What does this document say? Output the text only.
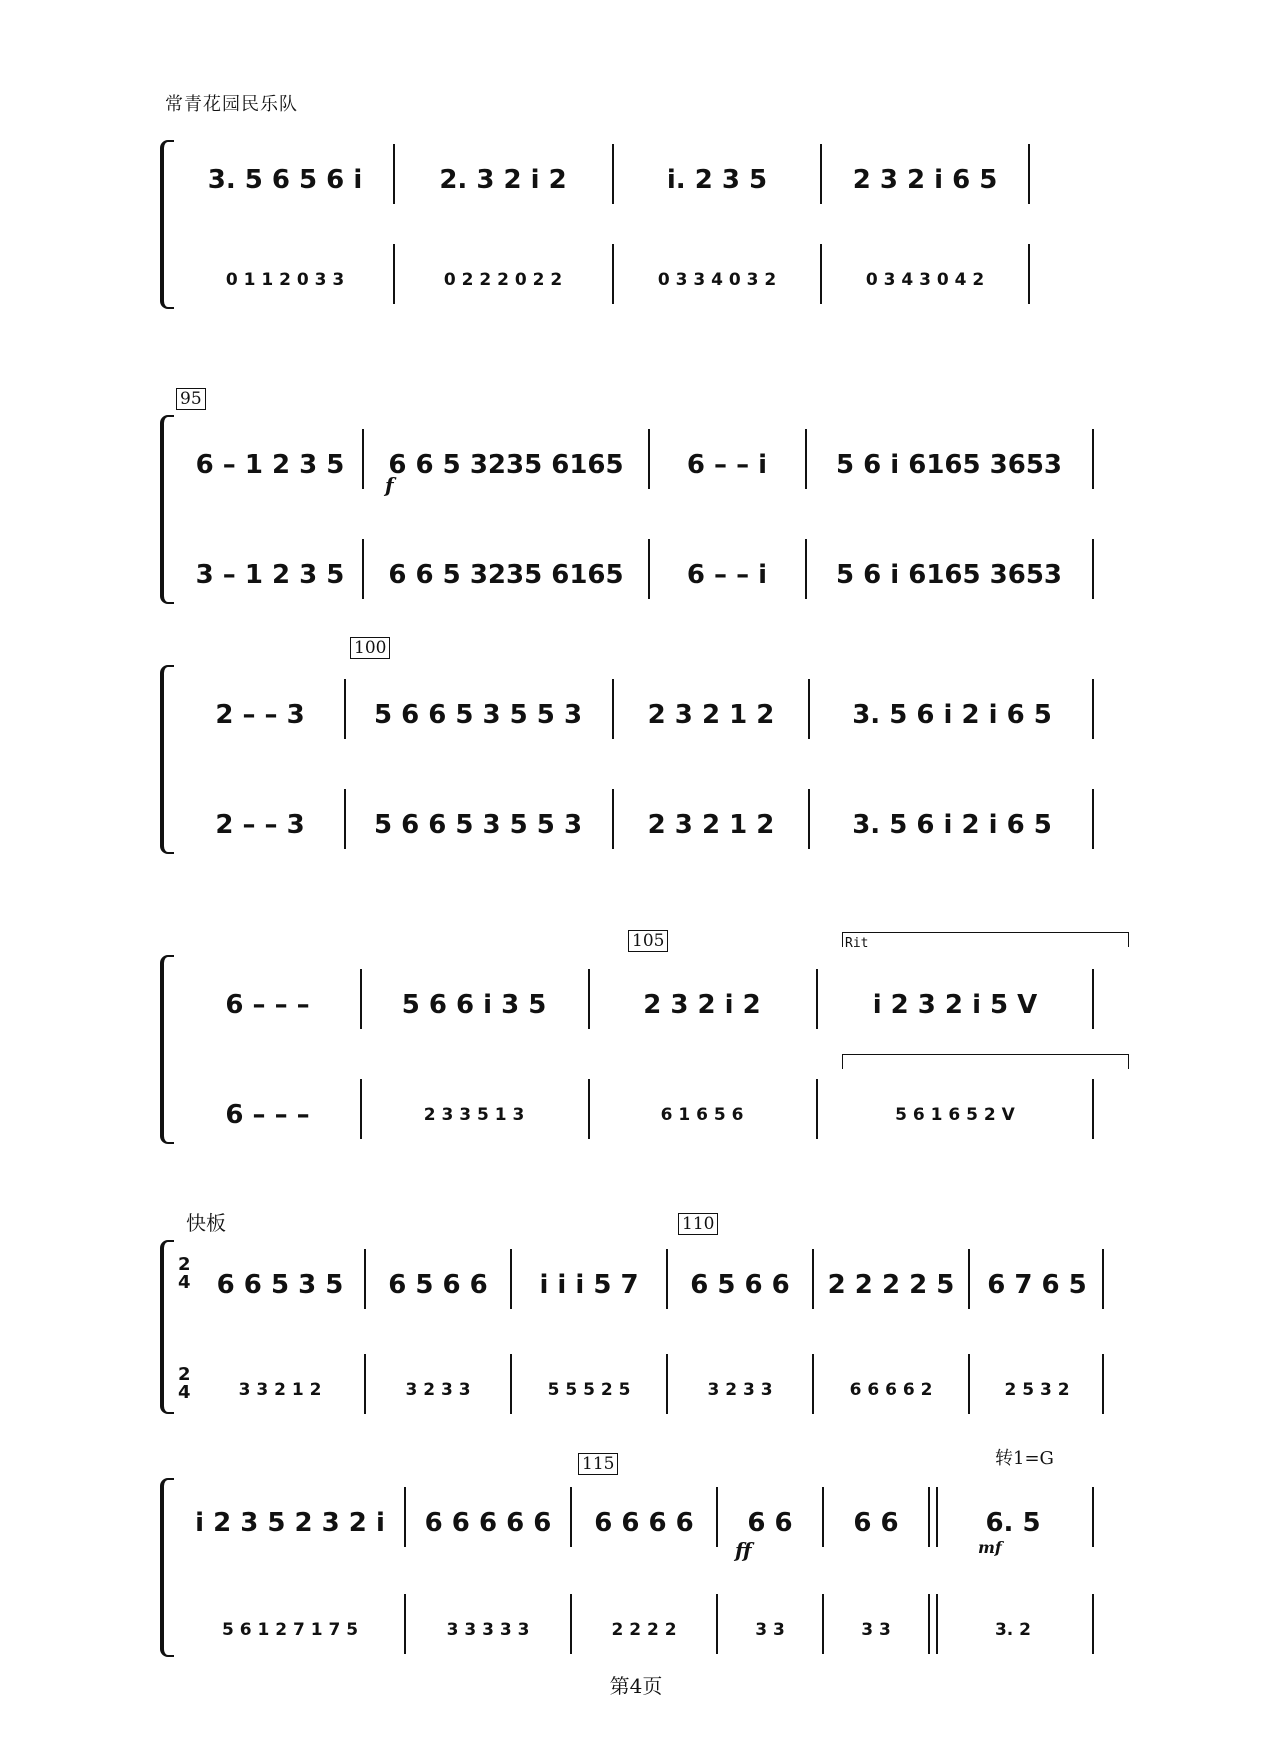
常青花园民乐队
3. 5 6 5 6 i	2. 3 2 i 2	i. 2 3 5	2 3 2 i 6 5
0 1 1 2 0 3 3	0 2 2 2 0 2 2	0 3 3 4 0 3 2	0 3 4 3 0 4 2
95
6 – 1 2 3 5	6 6 5 3235 6165	6 – – i	5 6 i 6165 3653
f
3 – 1 2 3 5	6 6 5 3235 6165	6 – – i	5 6 i 6165 3653
100
2 – – 3	5 6 6 5 3 5 5 3	2 3 2 1 2	3. 5 6 i 2 i 6 5
2 – – 3	5 6 6 5 3 5 5 3	2 3 2 1 2	3. 5 6 i 2 i 6 5
105	Rit
6 – – –	5 6 6 i 3 5	2 3 2 i 2	i 2 3 2 i 5 V
6 – – –	2 3 3 5 1 3	6 1 6 5 6	5 6 1 6 5 2 V
快板	110
2
4
2
4
6 6 5 3 5	6 5 6 6	i i i 5 7	6 5 6 6	2 2 2 2 5	6 7 6 5
3 3 2 1 2	3 2 3 3	5 5 5 2 5	3 2 3 3	6 6 6 6 2	2 5 3 2
115	转1=G
i 2 3 5 2 3 2 i	6 6 6 6 6	6 6 6 6	6 6	6 6	6. 5
ff	mf
5 6 1 2 7 1 7 5	3 3 3 3 3	2 2 2 2	3 3	3 3	3. 2
第4页
